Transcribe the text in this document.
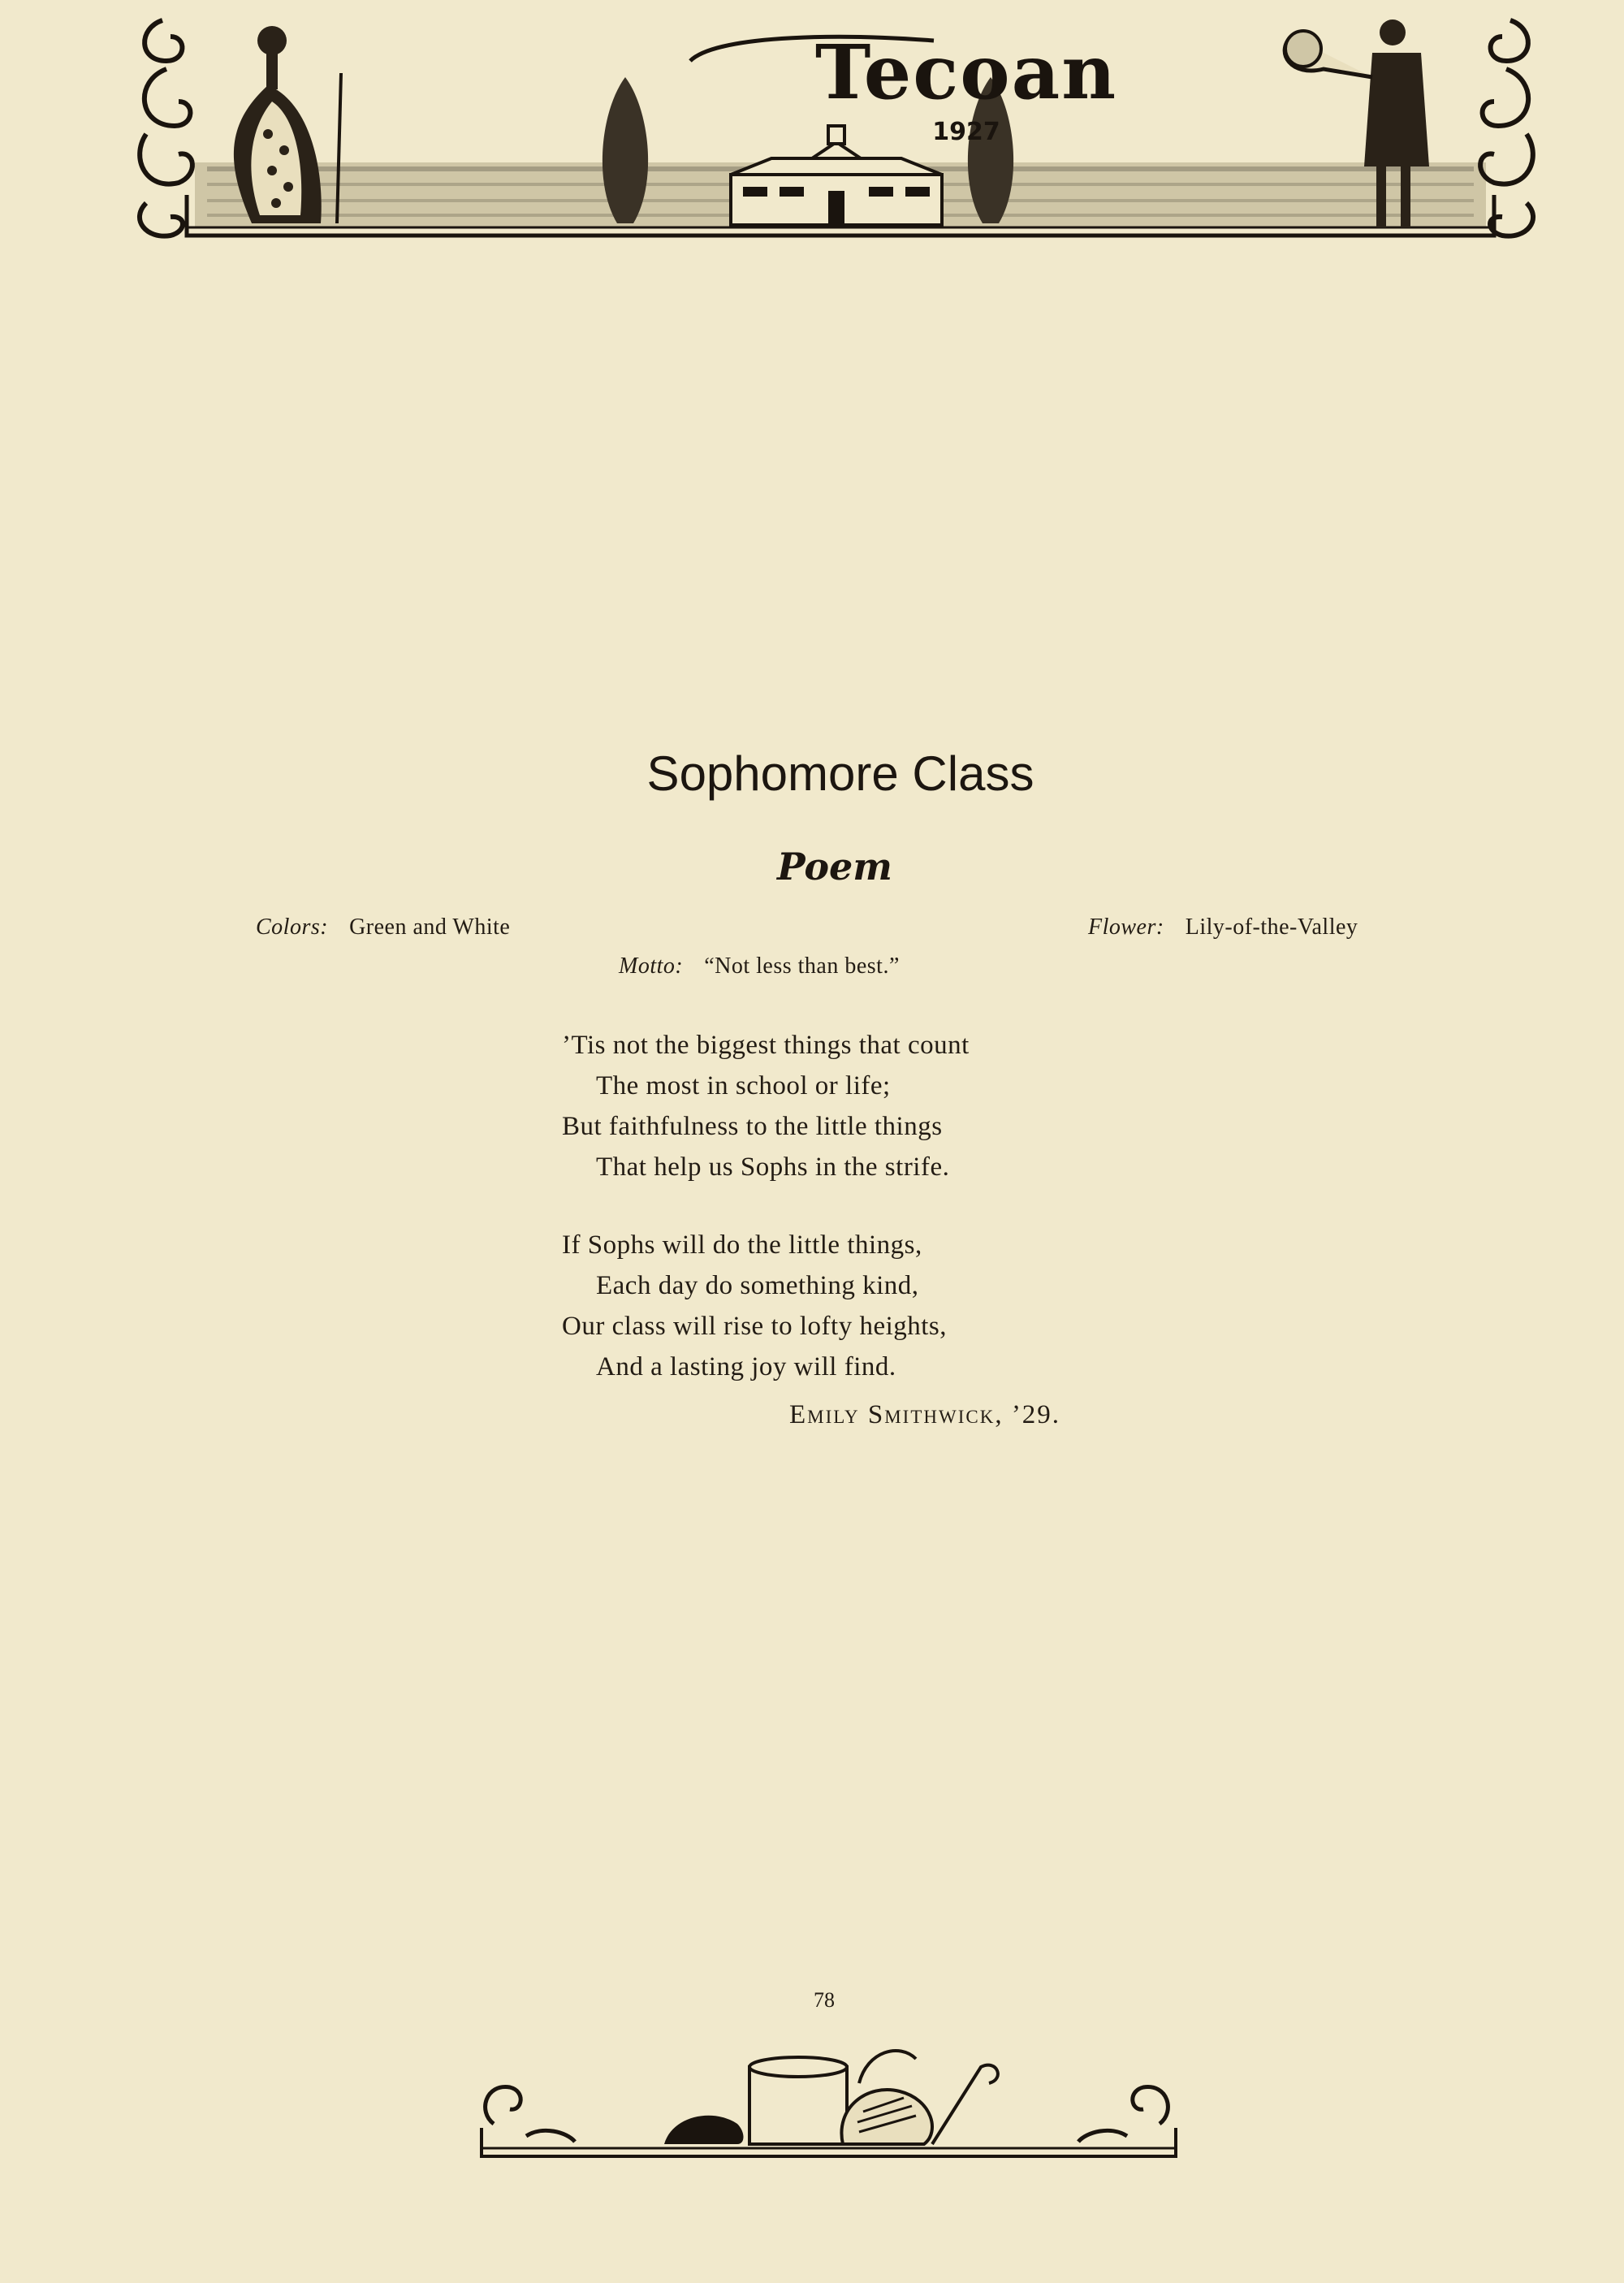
Tecoan
1927
Sophomore Class
Poem
Colors: Green and White	Flower: Lily-of-the-Valley
Motto: “Not less than best.”
’Tis not the biggest things that count
The most in school or life;
But faithfulness to the little things
That help us Sophs in the strife.
If Sophs will do the little things,
Each day do something kind,
Our class will rise to lofty heights,
And a lasting joy will find.
Emily Smithwick, ’29.
78
